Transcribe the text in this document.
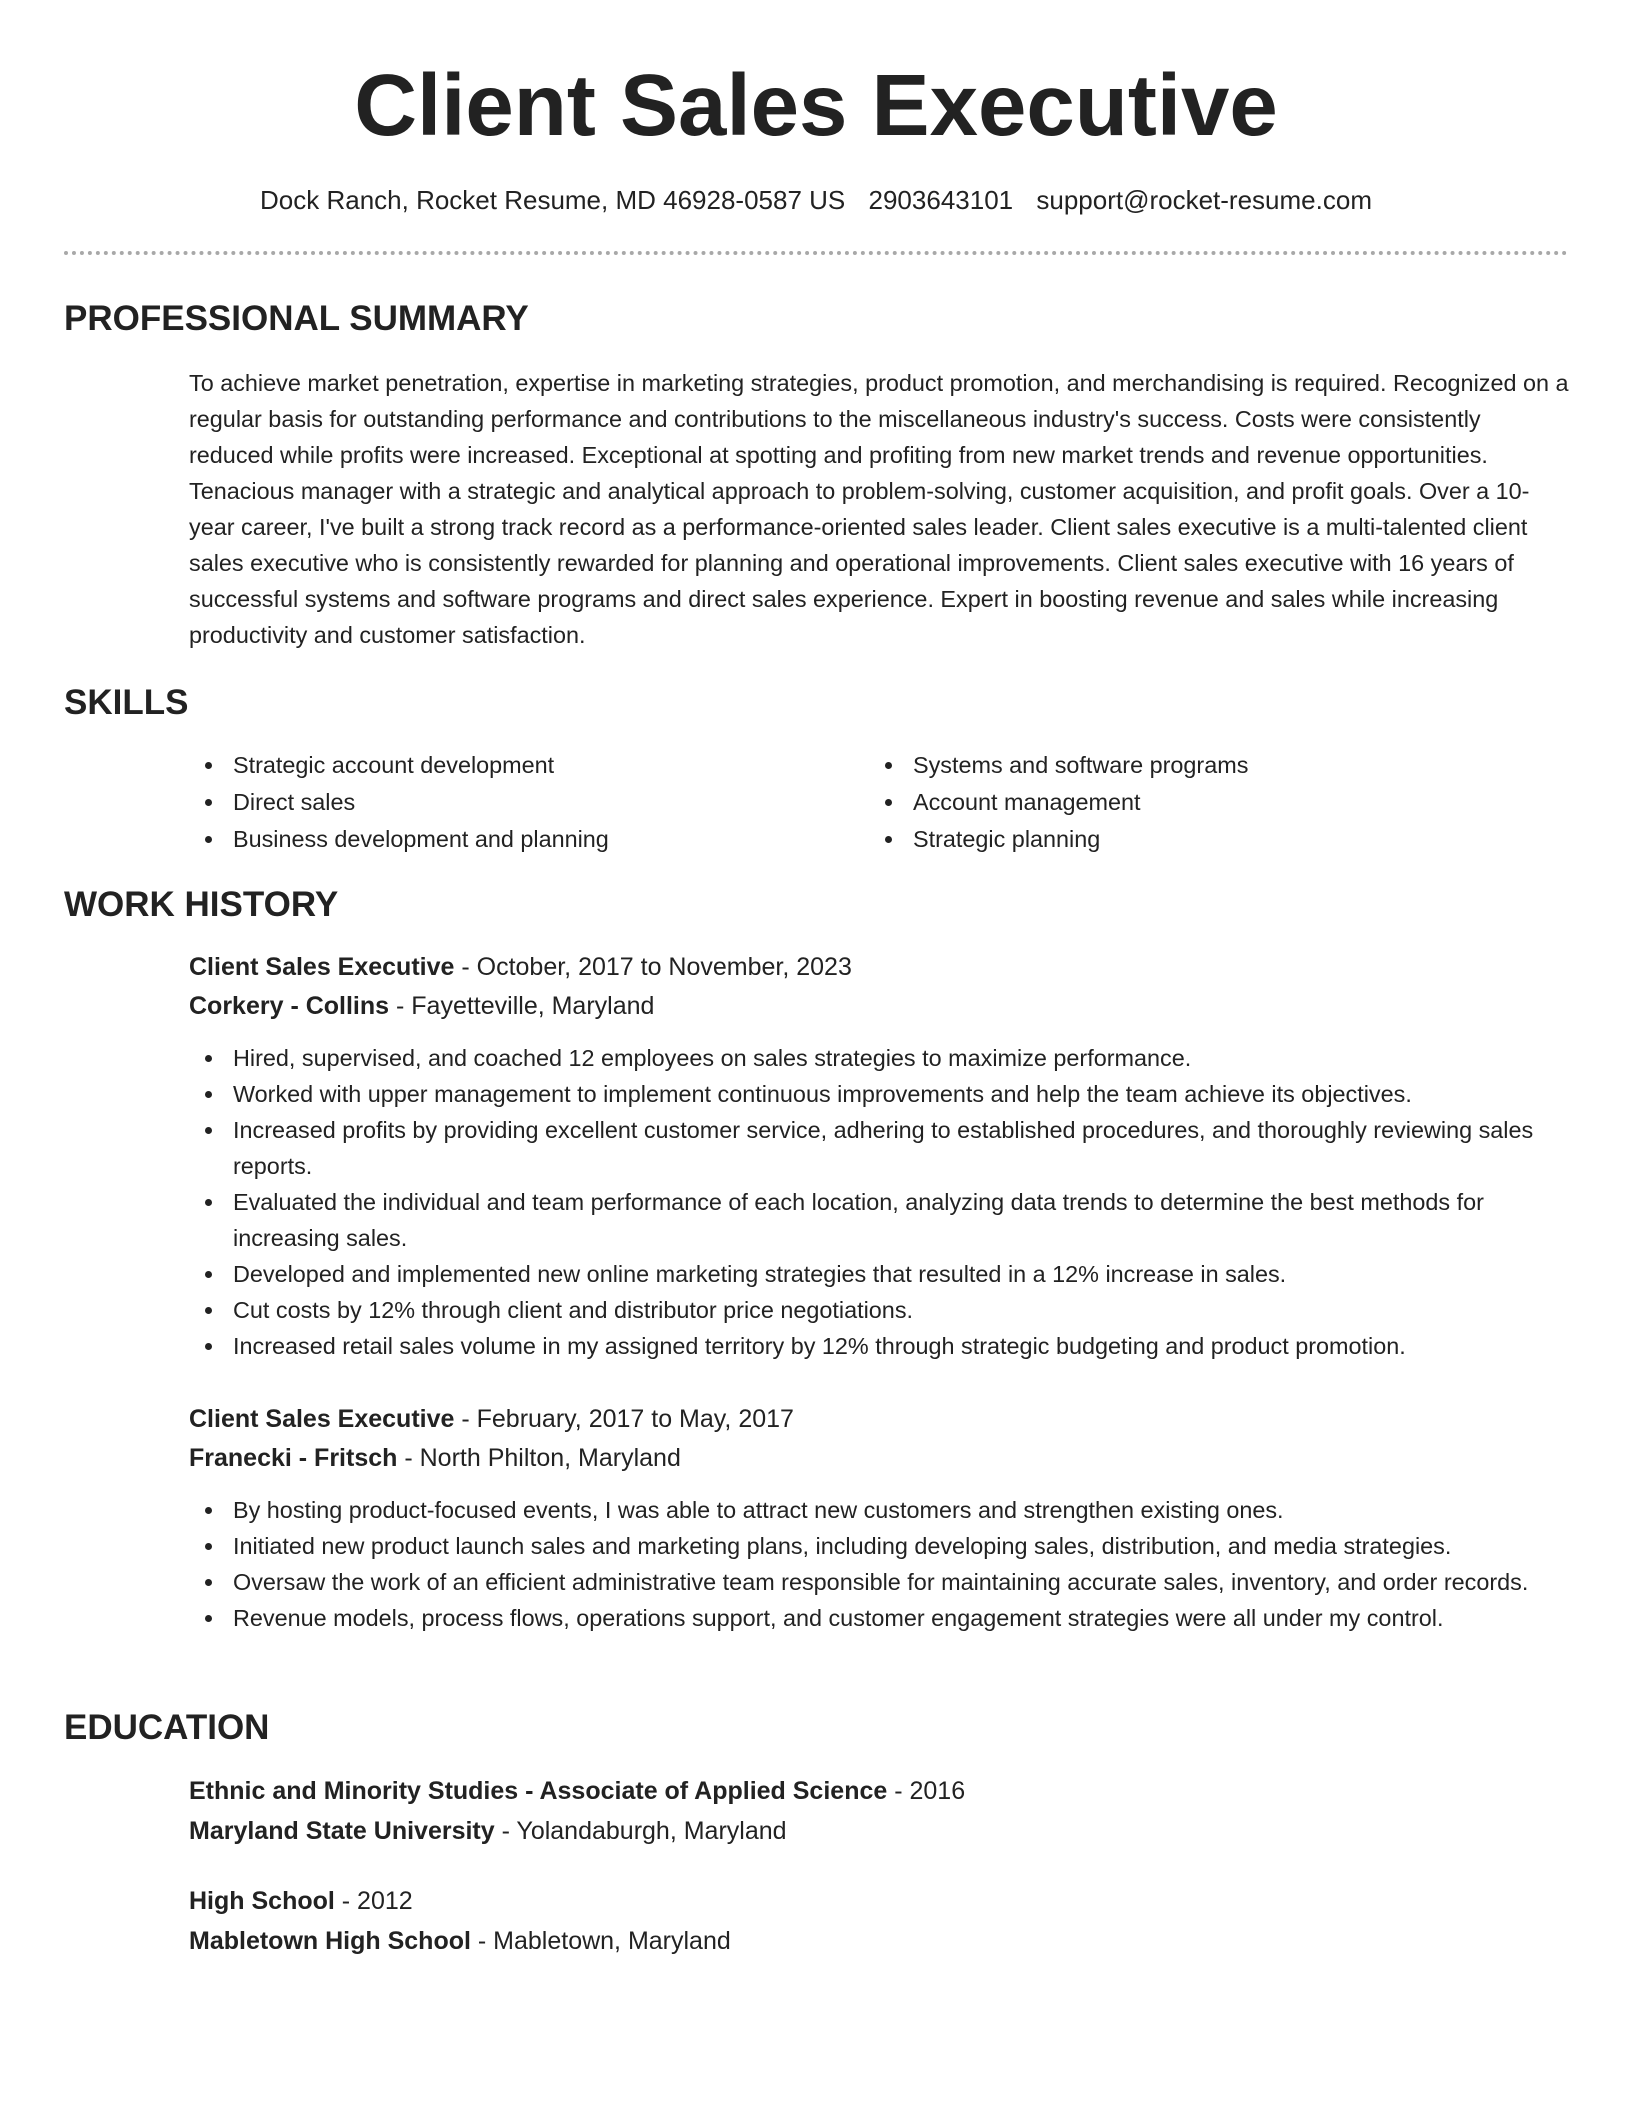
Client Sales Executive
Dock Ranch, Rocket Resume, MD 46928-0587 US 2903643101 support@rocket-resume.com
PROFESSIONAL SUMMARY

To achieve market penetration, expertise in marketing strategies, product promotion, and merchandising is required. Recognized on a regular basis for outstanding performance and contributions to the miscellaneous industry's success. Costs were consistently reduced while profits were increased. Exceptional at spotting and profiting from new market trends and revenue opportunities. Tenacious manager with a strategic and analytical approach to problem-solving, customer acquisition, and profit goals. Over a 10-year career, I've built a strong track record as a performance-oriented sales leader. Client sales executive is a multi-talented client sales executive who is consistently rewarded for planning and operational improvements. Client sales executive with 16 years of successful systems and software programs and direct sales experience. Expert in boosting revenue and sales while increasing productivity and customer satisfaction.

SKILLS
Strategic account development
Direct sales
Business development and planning
Systems and software programs
Account management
Strategic planning
WORK HISTORY
Client Sales Executive - October, 2017 to November, 2023
Corkery - Collins - Fayetteville, Maryland
Hired, supervised, and coached 12 employees on sales strategies to maximize performance.
Worked with upper management to implement continuous improvements and help the team achieve its objectives.
Increased profits by providing excellent customer service, adhering to established procedures, and thoroughly reviewing sales reports.
Evaluated the individual and team performance of each location, analyzing data trends to determine the best methods for increasing sales.
Developed and implemented new online marketing strategies that resulted in a 12% increase in sales.
Cut costs by 12% through client and distributor price negotiations.
Increased retail sales volume in my assigned territory by 12% through strategic budgeting and product promotion.
Client Sales Executive - February, 2017 to May, 2017
Franecki - Fritsch - North Philton, Maryland
By hosting product-focused events, I was able to attract new customers and strengthen existing ones.
Initiated new product launch sales and marketing plans, including developing sales, distribution, and media strategies.
Oversaw the work of an efficient administrative team responsible for maintaining accurate sales, inventory, and order records.
Revenue models, process flows, operations support, and customer engagement strategies were all under my control.
EDUCATION
Ethnic and Minority Studies - Associate of Applied Science - 2016
Maryland State University - Yolandaburgh, Maryland
High School - 2012
Mabletown High School - Mabletown, Maryland
